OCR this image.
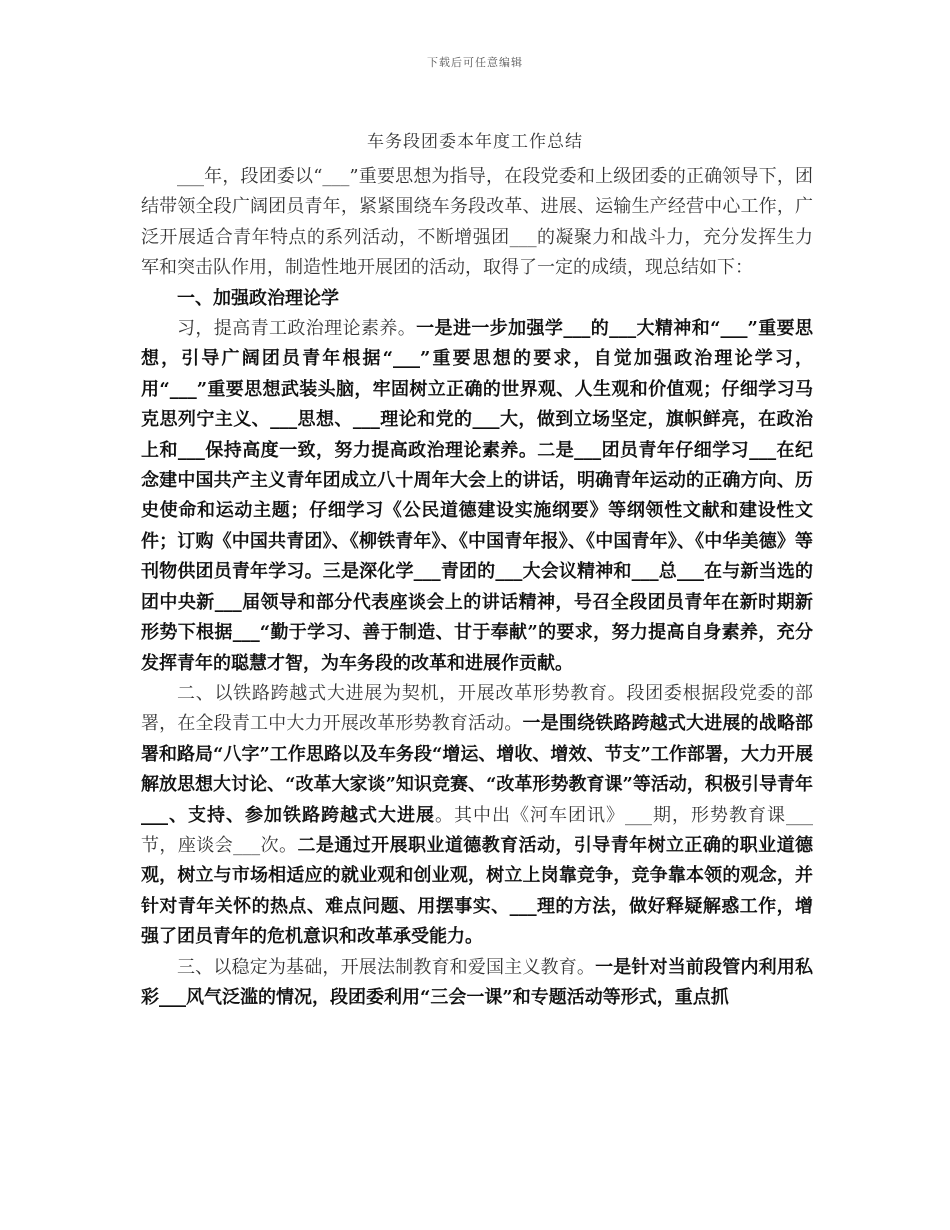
下载后可任意编辑
车务段团委本年度工作总结

___年，段团委以“___”重要思想为指导，在段党委和上级团委的正确领导下，团结带领全段广阔团员青年，紧紧围绕车务段改革、进展、运输生产经营中心工作，广泛开展适合青年特点的系列活动，不断增强团___的凝聚力和战斗力，充分发挥生力军和突击队作用，制造性地开展团的活动，取得了一定的成绩，现总结如下：

一、加强政治理论学

习，提高青工政治理论素养。一是进一步加强学___的___大精神和“___”重要思想，引导广阔团员青年根据“___”重要思想的要求，自觉加强政治理论学习，用“___”重要思想武装头脑，牢固树立正确的世界观、人生观和价值观；仔细学习马克思列宁主义、___思想、___理论和党的___大，做到立场坚定，旗帜鲜亮，在政治上和___保持高度一致，努力提高政治理论素养。二是___团员青年仔细学习___在纪念建中国共产主义青年团成立八十周年大会上的讲话，明确青年运动的正确方向、历史使命和运动主题；仔细学习《公民道德建设实施纲要》等纲领性文献和建设性文件；订购《中国共青团》、《柳铁青年》、《中国青年报》、《中国青年》、《中华美德》等刊物供团员青年学习。三是深化学___青团的___大会议精神和___总___在与新当选的团中央新___届领导和部分代表座谈会上的讲话精神，号召全段团员青年在新时期新形势下根据___“勤于学习、善于制造、甘于奉献”的要求，努力提高自身素养，充分发挥青年的聪慧才智，为车务段的改革和进展作贡献。

二、以铁路跨越式大进展为契机，开展改革形势教育。段团委根据段党委的部署，在全段青工中大力开展改革形势教育活动。一是围绕铁路跨越式大进展的战略部署和路局“八字”工作思路以及车务段“增运、增收、增效、节支”工作部署，大力开展解放思想大讨论、“改革大家谈”知识竞赛、“改革形势教育课”等活动，积极引导青年___、支持、参加铁路跨越式大进展。其中出《河车团讯》___期，形势教育课___节，座谈会___次。二是通过开展职业道德教育活动，引导青年树立正确的职业道德观，树立与市场相适应的就业观和创业观，树立上岗靠竞争，竞争靠本领的观念，并针对青年关怀的热点、难点问题、用摆事实、___理的方法，做好释疑解惑工作，增强了团员青年的危机意识和改革承受能力。

三、以稳定为基础，开展法制教育和爱国主义教育。一是针对当前段管内利用私彩___风气泛滥的情况，段团委利用“三会一课”和专题活动等形式，重点抓
